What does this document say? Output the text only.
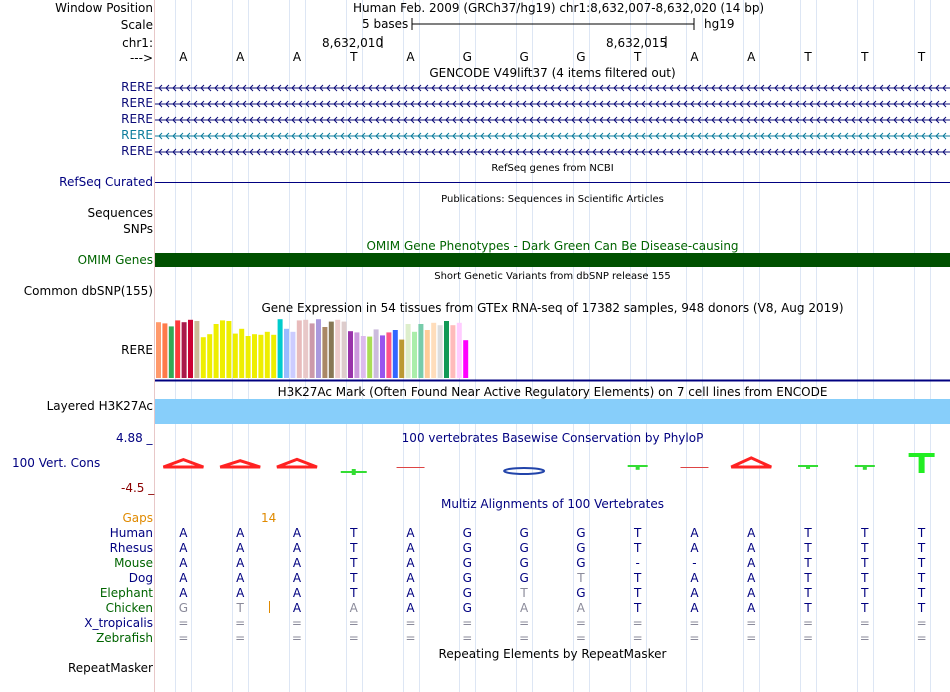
Window Position
Scale
chr1:
--->
Human Feb. 2009 (GRCh37/hg19) chr1:8,632,007-8,632,020 (14 bp)
5 bases	hg19
8,632,010	8,632,015
A	A	A	T	A	G	G	G	T	A	A	T	T	T
GENCODE V49lift37 (4 items filtered out)
RERE
RERE
RERE
RERE
RERE
RefSeq genes from NCBI
RefSeq Curated
Publications: Sequences in Scientific Articles
Sequences
SNPs
OMIM Gene Phenotypes - Dark Green Can Be Disease-causing
OMIM Genes
Short Genetic Variants from dbSNP release 155
Common dbSNP(155)
Gene Expression in 54 tissues from GTEx RNA-seq of 17382 samples, 948 donors (V8, Aug 2019)
RERE
H3K27Ac Mark (Often Found Near Active Regulatory Elements) on 7 cell lines from ENCODE
Layered H3K27Ac
100 vertebrates Basewise Conservation by PhyloP
4.88 _
100 Vert. Cons
-4.5 _
Multiz Alignments of 100 Vertebrates
Gaps	14
Human	A	A	A	T	A	G	G	G	T	A	A	T	T	T
Rhesus	A	A	A	T	A	G	G	G	T	A	A	T	T	T
Mouse	A	A	A	T	A	G	G	G	-	-	A	T	T	T
Dog	A	A	A	T	A	G	G	T	T	A	A	T	T	T
Elephant	A	A	A	T	A	G	T	G	T	A	A	T	T	T
Chicken	G	T	A	A	A	G	A	A	T	A	A	T	T	T
X_tropicalis	=	=	=	=	=	=	=	=	=	=	=	=	=	=
Zebrafish	=	=	=	=	=	=	=	=	=	=	=	=	=	=
Repeating Elements by RepeatMasker
RepeatMasker
